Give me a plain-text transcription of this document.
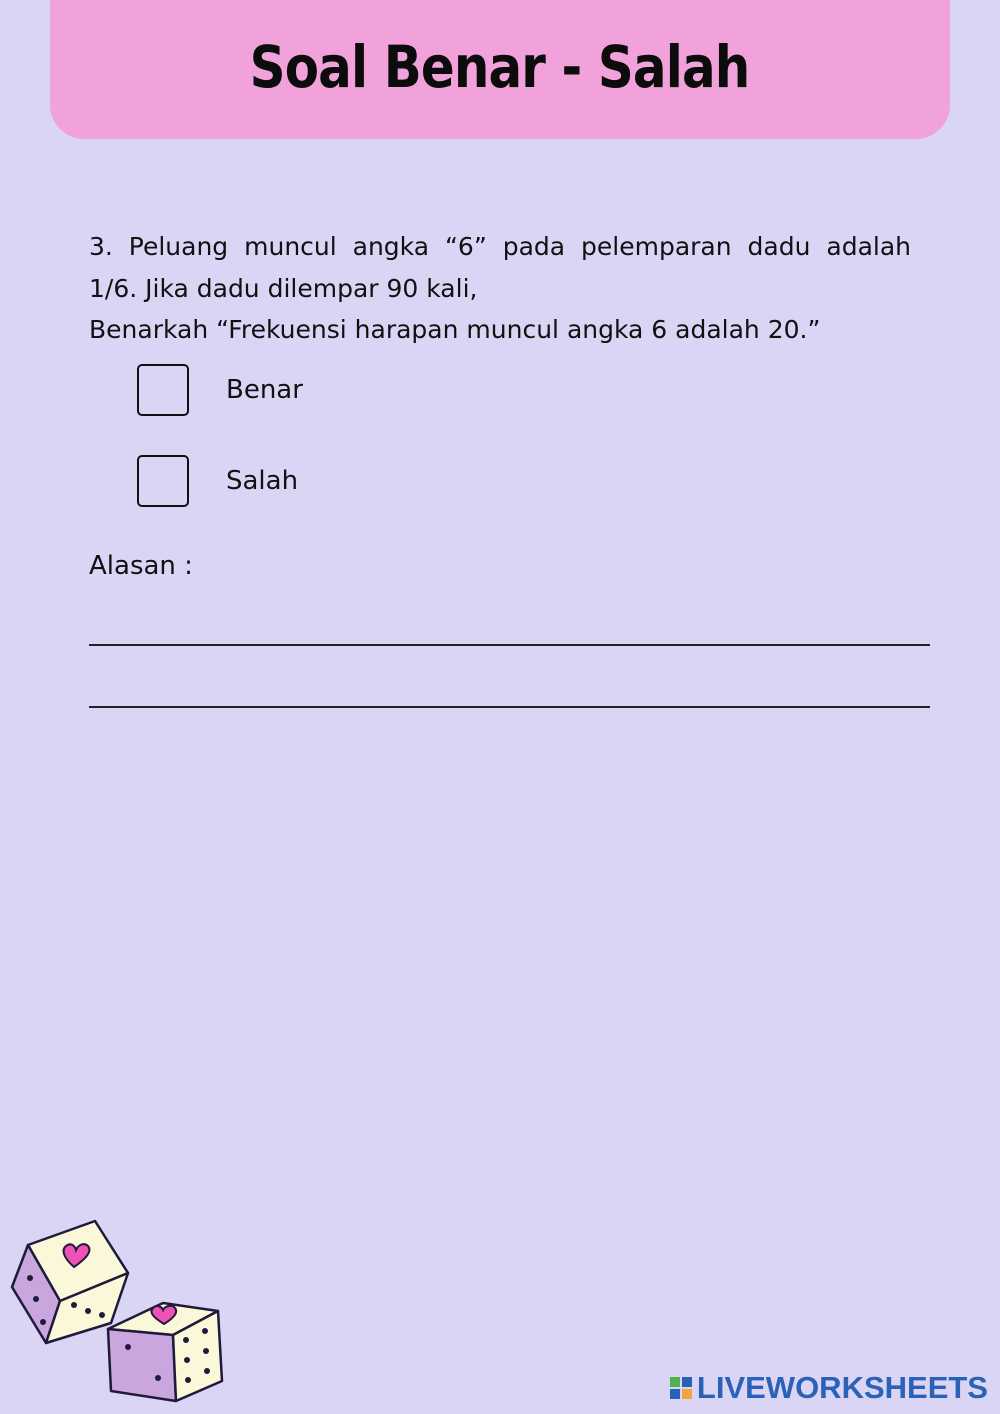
Soal Benar - Salah
3. Peluang muncul angka “6” pada pelemparan dadu adalah
1/6. Jika dadu dilempar 90 kali,
Benarkah “Frekuensi harapan muncul angka 6 adalah 20.”
Benar
Salah
Alasan :
LIVEWORKSHEETS
